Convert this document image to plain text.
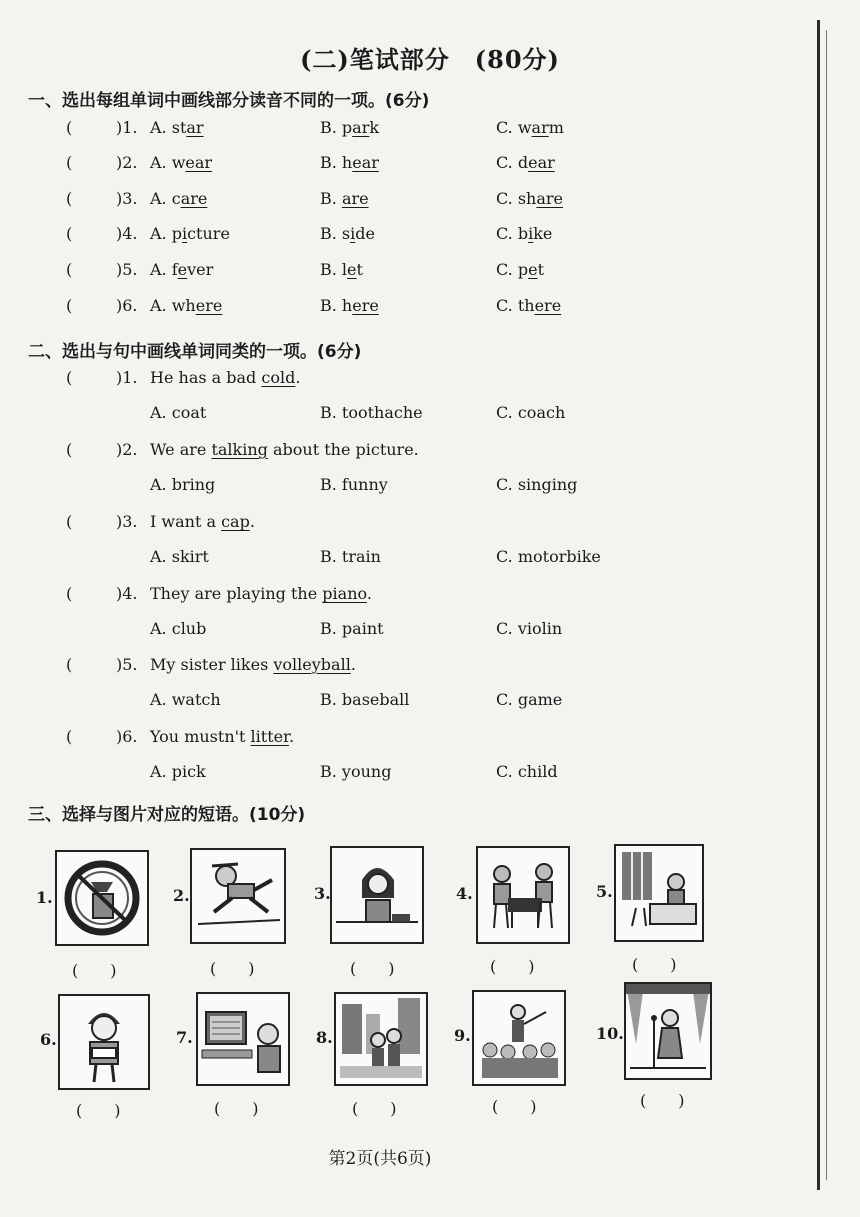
(二)笔试部分　(80分)
一、选出每组单词中画线部分读音不同的一项。(6分)
(	)1. A. star	B. park	C. warm
(	)2. A. wear	B. hear	C. dear
(	)3. A. care	B. are	C. share
(	)4. A. picture	B. side	C. bike
(	)5. A. fever	B. let	C. pet
(	)6. A. where	B. here	C. there
二、选出与句中画线单词同类的一项。(6分)
(	)1. He has a bad cold.
A. coat	B. toothache	C. coach
(	)2. We are talking about the picture.
A. bring	B. funny	C. singing
(	)3. I want a cap.
A. skirt	B. train	C. motorbike
(	)4. They are playing the piano.
A. club	B. paint	C. violin
(	)5. My sister likes volleyball.
A. watch	B. baseball	C. game
(	)6. You mustn't litter.
A. pick	B. young	C. child
三、选择与图片对应的短语。(10分)
1.
(　　)
2.
(　　)
3.
(　　)
4.
(　　)
5.
(　　)
6.
(　　)
7.
(　　)
8.
(　　)
9.
(　　)
10.
(　　)
第2页(共6页)
